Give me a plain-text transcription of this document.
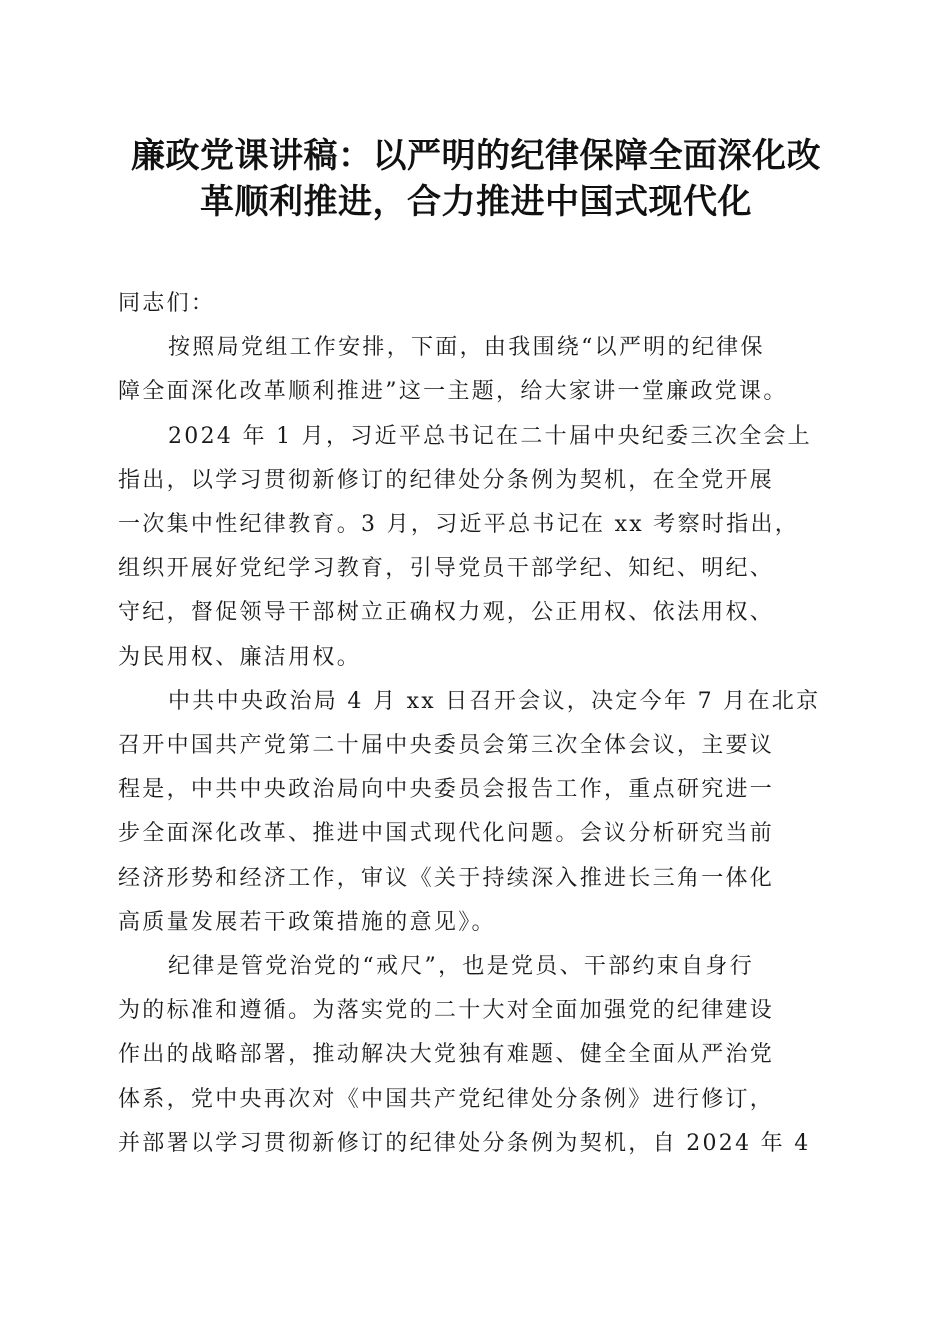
廉政党课讲稿：以严明的纪律保障全面深化改
革顺利推进，合力推进中国式现代化

同志们：

按照局党组工作安排，下面，由我围绕“以严明的纪律保
障全面深化改革顺利推进”这一主题，给大家讲一堂廉政党课。

2024 年 1 月，习近平总书记在二十届中央纪委三次全会上
指出，以学习贯彻新修订的纪律处分条例为契机，在全党开展
一次集中性纪律教育。3 月，习近平总书记在 xx 考察时指出，
组织开展好党纪学习教育，引导党员干部学纪、知纪、明纪、
守纪，督促领导干部树立正确权力观，公正用权、依法用权、
为民用权、廉洁用权。

中共中央政治局 4 月 xx 日召开会议，决定今年 7 月在北京
召开中国共产党第二十届中央委员会第三次全体会议，主要议
程是，中共中央政治局向中央委员会报告工作，重点研究进一
步全面深化改革、推进中国式现代化问题。会议分析研究当前
经济形势和经济工作，审议《关于持续深入推进长三角一体化
高质量发展若干政策措施的意见》。

纪律是管党治党的“戒尺”，也是党员、干部约束自身行
为的标准和遵循。为落实党的二十大对全面加强党的纪律建设
作出的战略部署，推动解决大党独有难题、健全全面从严治党
体系，党中央再次对《中国共产党纪律处分条例》进行修订，
并部署以学习贯彻新修订的纪律处分条例为契机，自 2024 年 4
